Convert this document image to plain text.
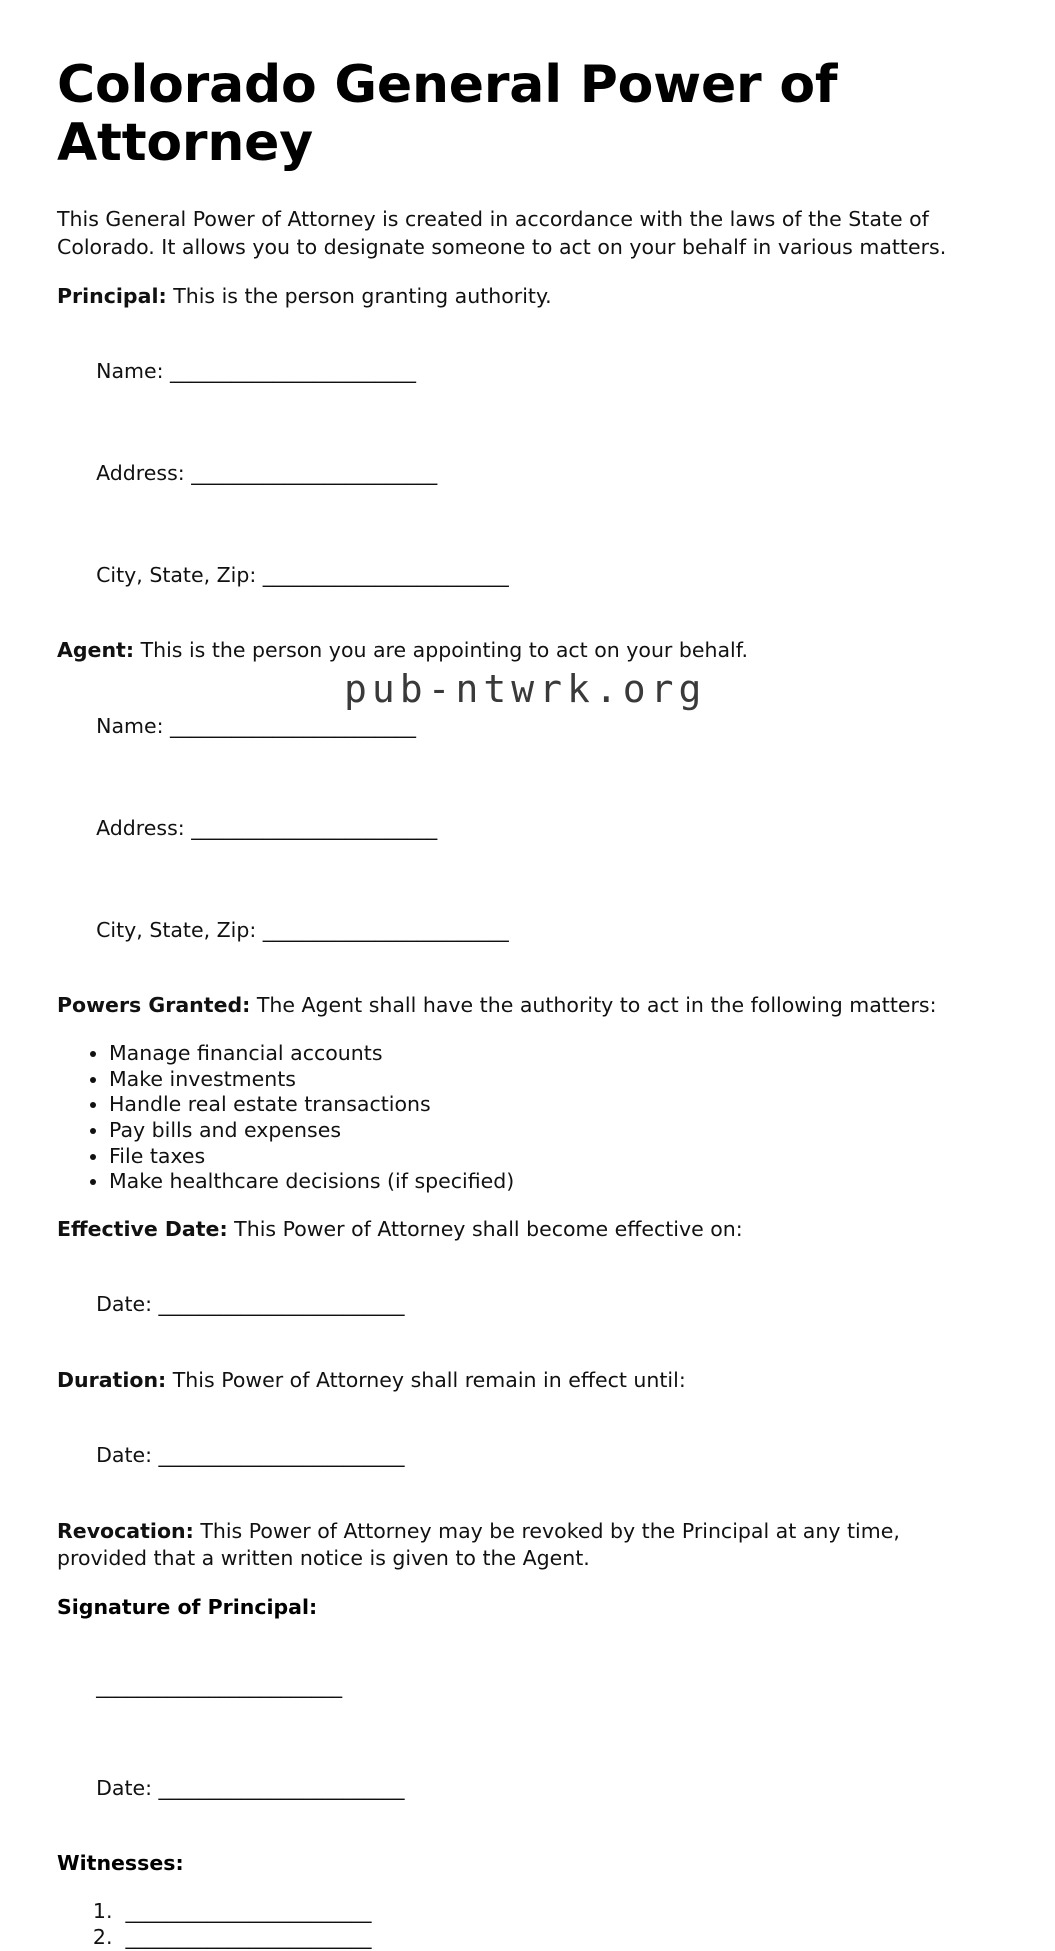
Colorado General Power of Attorney

This General Power of Attorney is created in accordance with the laws of the State of Colorado. It allows you to designate someone to act on your behalf in various matters.

Principal: This is the person granting authority.

Name: ________________________

Address: ________________________

City, State, Zip: ________________________

Agent: This is the person you are appointing to act on your behalf.

Name: ________________________

Address: ________________________

City, State, Zip: ________________________

Powers Granted: The Agent shall have the authority to act in the following matters:

• Manage financial accounts
• Make investments
• Handle real estate transactions
• Pay bills and expenses
• File taxes
• Make healthcare decisions (if specified)

Effective Date: This Power of Attorney shall become effective on:

Date: ________________________

Duration: This Power of Attorney shall remain in effect until:

Date: ________________________

Revocation: This Power of Attorney may be revoked by the Principal at any time, provided that a written notice is given to the Agent.

Signature of Principal:

________________________

Date: ________________________

Witnesses:

1.  ________________________
2.  ________________________
pub-ntwrk.org
